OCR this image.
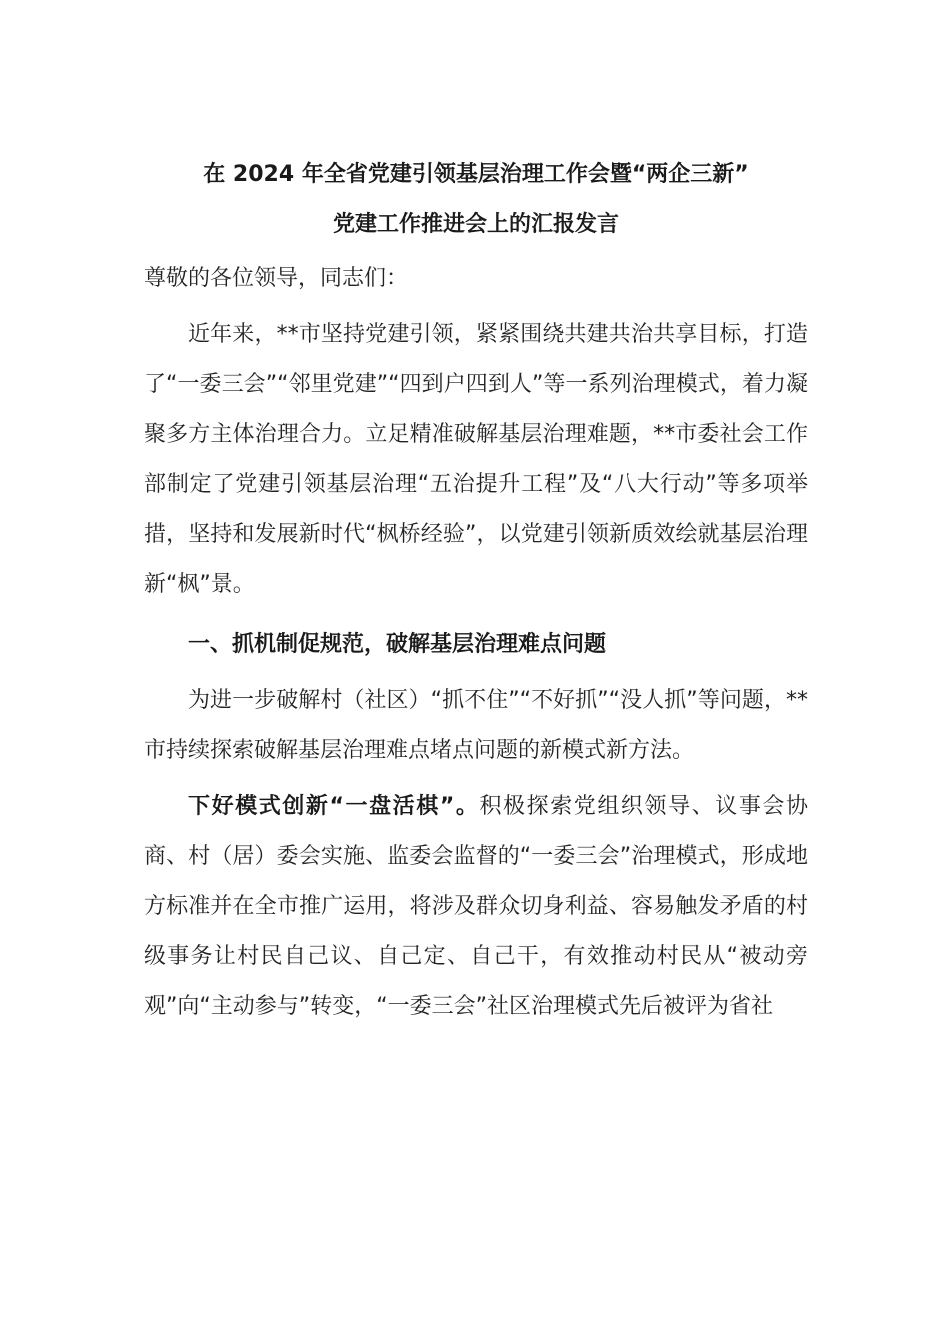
在 2024 年全省党建引领基层治理工作会暨“两企三新”
党建工作推进会上的汇报发言
尊敬的各位领导，同志们：

近年来，**市坚持党建引领，紧紧围绕共建共治共享目标，打造了“一委三会”“邻里党建”“四到户四到人”等一系列治理模式，着力凝聚多方主体治理合力。立足精准破解基层治理难题，**市委社会工作部制定了党建引领基层治理“五治提升工程”及“八大行动”等多项举措，坚持和发展新时代“枫桥经验”，以党建引领新质效绘就基层治理新“枫”景。

一、抓机制促规范，破解基层治理难点问题

为进一步破解村（社区）“抓不住”“不好抓”“没人抓”等问题，**市持续探索破解基层治理难点堵点问题的新模式新方法。

下好模式创新“一盘活棋”。积极探索党组织领导、议事会协商、村（居）委会实施、监委会监督的“一委三会”治理模式，形成地方标准并在全市推广运用，将涉及群众切身利益、容易触发矛盾的村级事务让村民自己议、自己定、自己干，有效推动村民从“被动旁观”向“主动参与”转变，“一委三会”社区治理模式先后被评为省社
